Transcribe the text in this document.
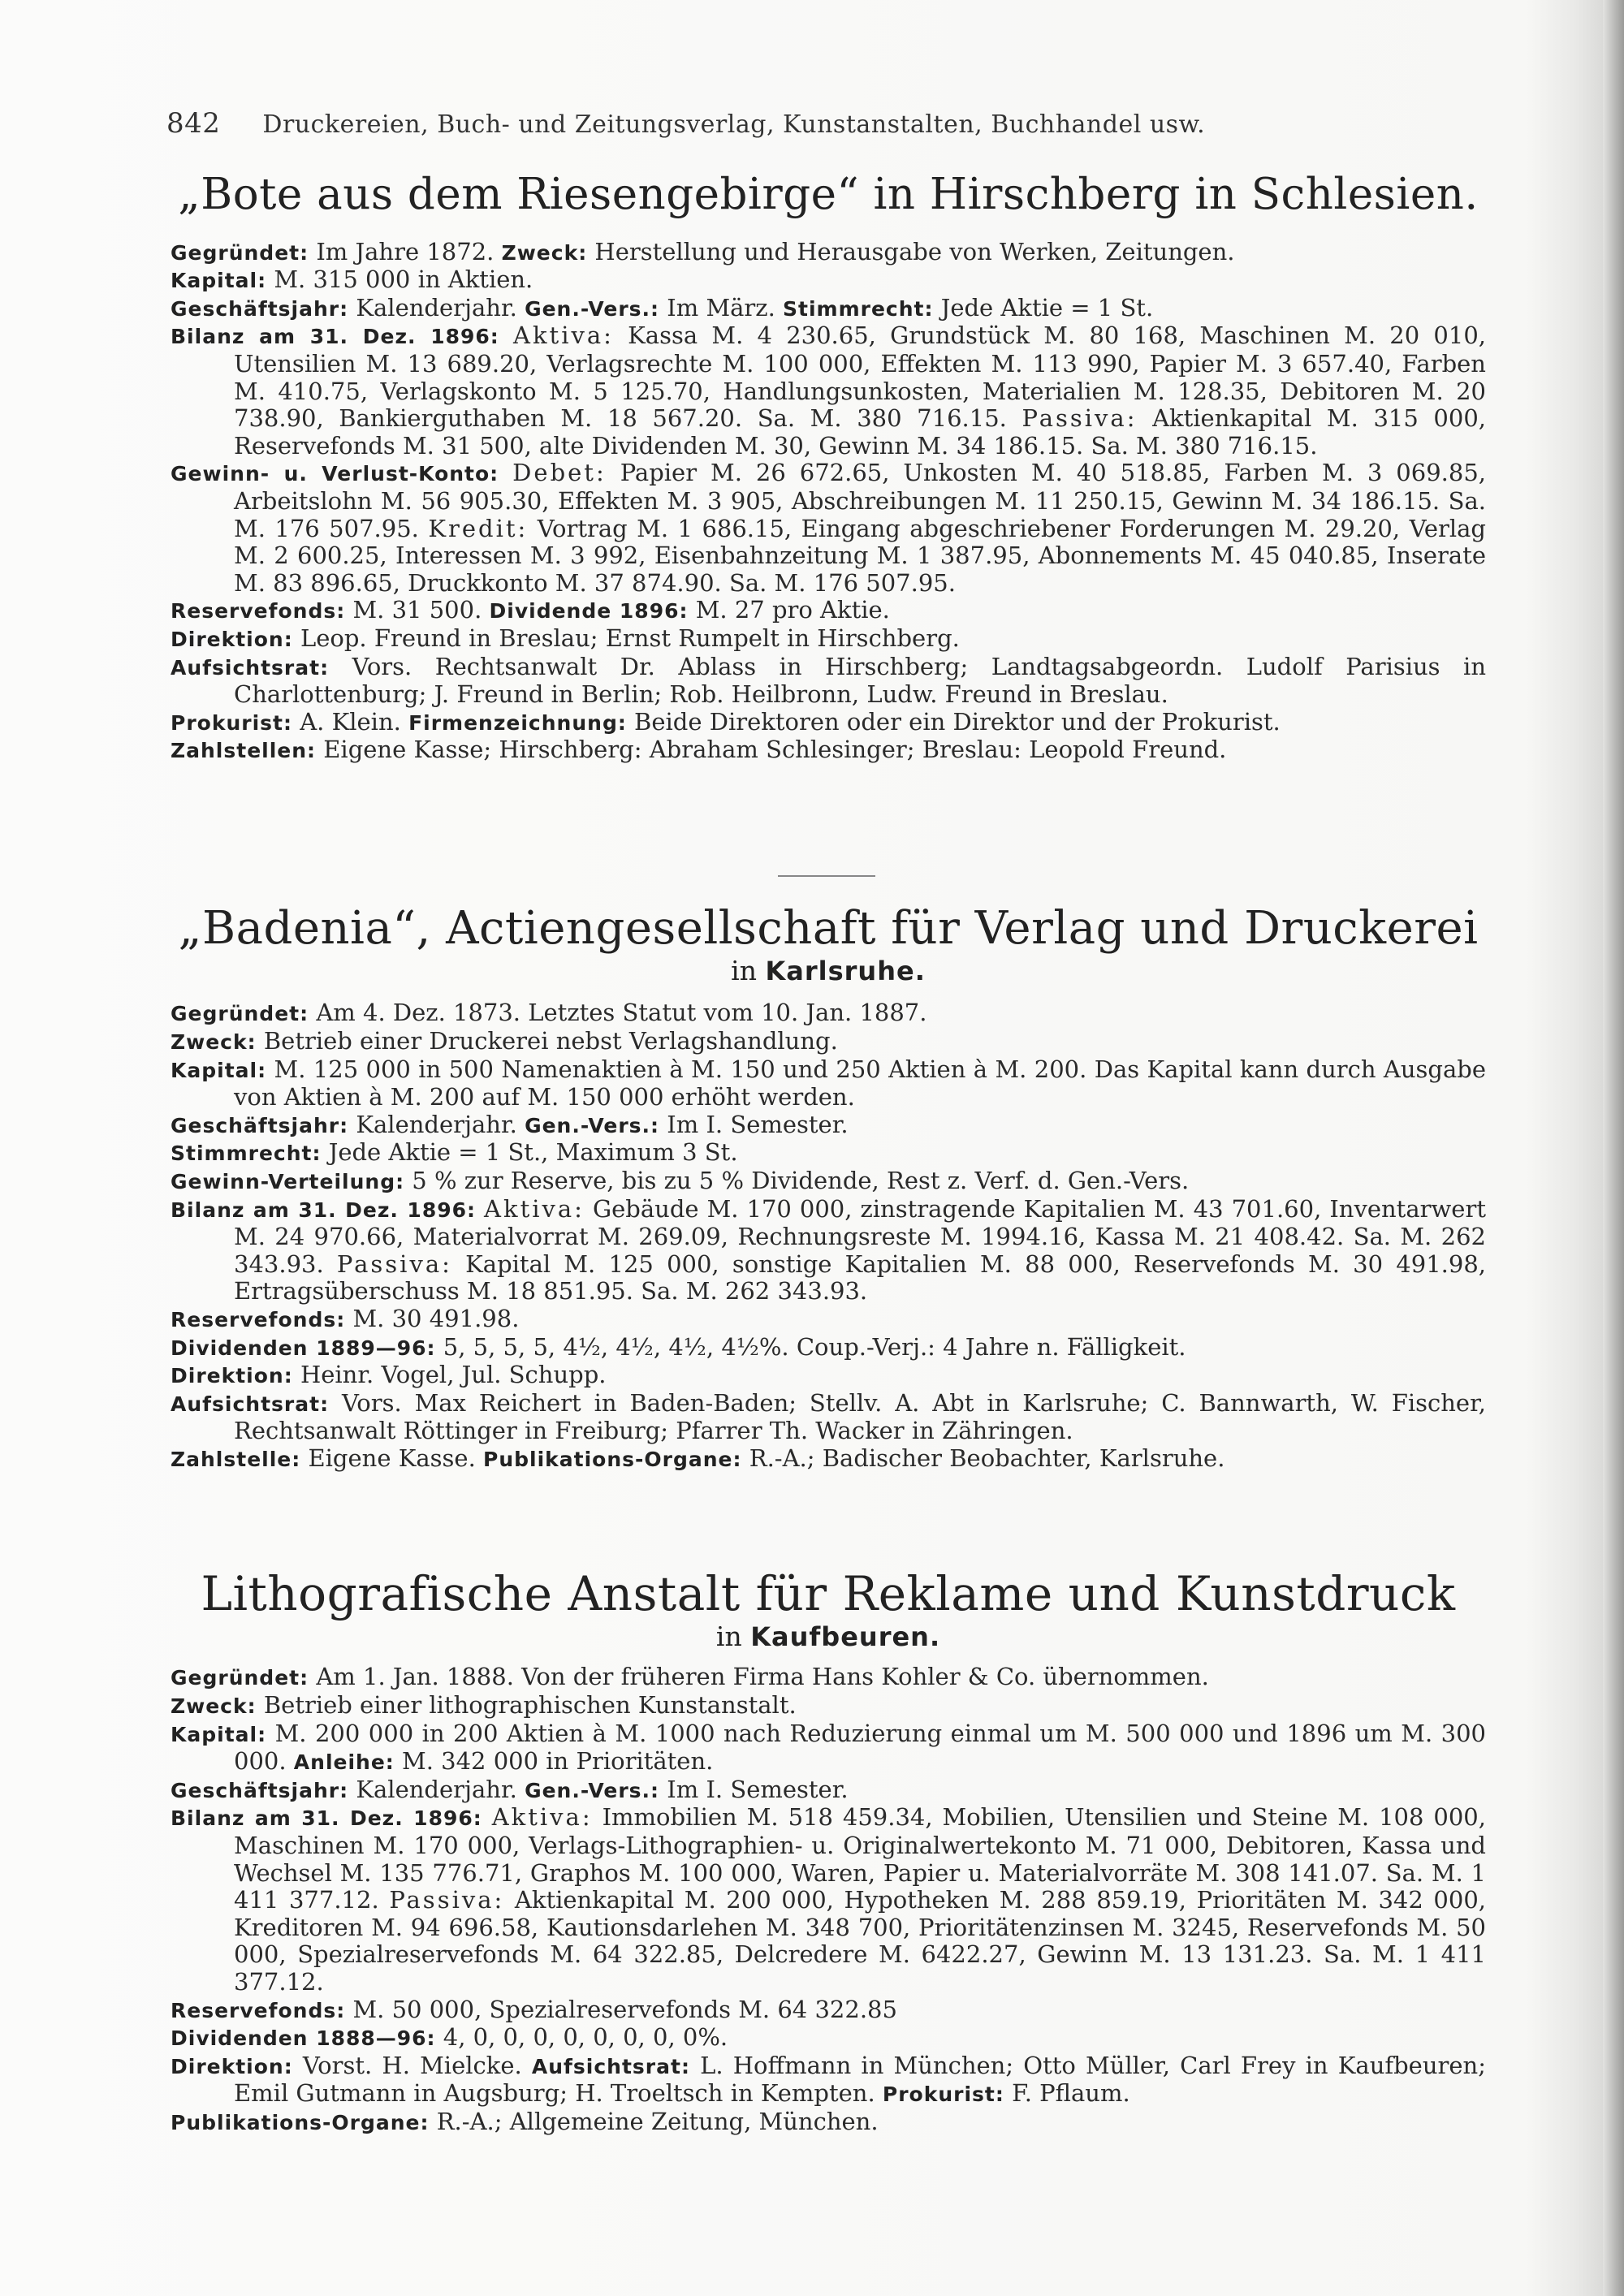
842 Druckereien, Buch- und Zeitungsverlag, Kunstanstalten, Buchhandel usw.
„Bote aus dem Riesengebirge“ in Hirschberg in Schlesien.
Gegründet: Im Jahre 1872. Zweck: Herstellung und Herausgabe von Werken, Zeitungen.
Kapital: M. 315 000 in Aktien.
Geschäftsjahr: Kalenderjahr. Gen.-Vers.: Im März. Stimmrecht: Jede Aktie = 1 St.
Bilanz am 31. Dez. 1896: Aktiva: Kassa M. 4 230.65, Grundstück M. 80 168, Maschinen M. 20 010, Utensilien M. 13 689.20, Verlagsrechte M. 100 000, Effekten M. 113 990, Papier M. 3 657.40, Farben M. 410.75, Verlagskonto M. 5 125.70, Handlungsunkosten, Materialien M. 128.35, Debitoren M. 20 738.90, Bankierguthaben M. 18 567.20. Sa. M. 380 716.15. Passiva: Aktienkapital M. 315 000, Reservefonds M. 31 500, alte Dividenden M. 30, Gewinn M. 34 186.15. Sa. M. 380 716.15.
Gewinn- u. Verlust-Konto: Debet: Papier M. 26 672.65, Unkosten M. 40 518.85, Farben M. 3 069.85, Arbeitslohn M. 56 905.30, Effekten M. 3 905, Abschreibungen M. 11 250.15, Gewinn M. 34 186.15. Sa. M. 176 507.95. Kredit: Vortrag M. 1 686.15, Eingang abgeschriebener Forderungen M. 29.20, Verlag M. 2 600.25, Interessen M. 3 992, Eisenbahnzeitung M. 1 387.95, Abonnements M. 45 040.85, Inserate M. 83 896.65, Druckkonto M. 37 874.90. Sa. M. 176 507.95.
Reservefonds: M. 31 500. Dividende 1896: M. 27 pro Aktie.
Direktion: Leop. Freund in Breslau; Ernst Rumpelt in Hirschberg.
Aufsichtsrat: Vors. Rechtsanwalt Dr. Ablass in Hirschberg; Landtagsabgeordn. Ludolf Parisius in Charlottenburg; J. Freund in Berlin; Rob. Heilbronn, Ludw. Freund in Breslau.
Prokurist: A. Klein. Firmenzeichnung: Beide Direktoren oder ein Direktor und der Prokurist.
Zahlstellen: Eigene Kasse; Hirschberg: Abraham Schlesinger; Breslau: Leopold Freund.
„Badenia“, Actiengesellschaft für Verlag und Druckerei
in Karlsruhe.
Gegründet: Am 4. Dez. 1873. Letztes Statut vom 10. Jan. 1887.
Zweck: Betrieb einer Druckerei nebst Verlagshandlung.
Kapital: M. 125 000 in 500 Namenaktien à M. 150 und 250 Aktien à M. 200. Das Kapital kann durch Ausgabe von Aktien à M. 200 auf M. 150 000 erhöht werden.
Geschäftsjahr: Kalenderjahr. Gen.-Vers.: Im I. Semester.
Stimmrecht: Jede Aktie = 1 St., Maximum 3 St.
Gewinn-Verteilung: 5 % zur Reserve, bis zu 5 % Dividende, Rest z. Verf. d. Gen.-Vers.
Bilanz am 31. Dez. 1896: Aktiva: Gebäude M. 170 000, zinstragende Kapitalien M. 43 701.60, Inventarwert M. 24 970.66, Materialvorrat M. 269.09, Rechnungsreste M. 1994.16, Kassa M. 21 408.42. Sa. M. 262 343.93. Passiva: Kapital M. 125 000, sonstige Kapitalien M. 88 000, Reservefonds M. 30 491.98, Ertragsüberschuss M. 18 851.95. Sa. M. 262 343.93.
Reservefonds: M. 30 491.98.
Dividenden 1889—96: 5, 5, 5, 5, 4½, 4½, 4½, 4½%. Coup.-Verj.: 4 Jahre n. Fälligkeit.
Direktion: Heinr. Vogel, Jul. Schupp.
Aufsichtsrat: Vors. Max Reichert in Baden-Baden; Stellv. A. Abt in Karlsruhe; C. Bannwarth, W. Fischer, Rechtsanwalt Röttinger in Freiburg; Pfarrer Th. Wacker in Zähringen.
Zahlstelle: Eigene Kasse. Publikations-Organe: R.-A.; Badischer Beobachter, Karlsruhe.
Lithografische Anstalt für Reklame und Kunstdruck
in Kaufbeuren.
Gegründet: Am 1. Jan. 1888. Von der früheren Firma Hans Kohler & Co. übernommen.
Zweck: Betrieb einer lithographischen Kunstanstalt.
Kapital: M. 200 000 in 200 Aktien à M. 1000 nach Reduzierung einmal um M. 500 000 und 1896 um M. 300 000. Anleihe: M. 342 000 in Prioritäten.
Geschäftsjahr: Kalenderjahr. Gen.-Vers.: Im I. Semester.
Bilanz am 31. Dez. 1896: Aktiva: Immobilien M. 518 459.34, Mobilien, Utensilien und Steine M. 108 000, Maschinen M. 170 000, Verlags-Lithographien- u. Originalwertekonto M. 71 000, Debitoren, Kassa und Wechsel M. 135 776.71, Graphos M. 100 000, Waren, Papier u. Materialvorräte M. 308 141.07. Sa. M. 1 411 377.12. Passiva: Aktienkapital M. 200 000, Hypotheken M. 288 859.19, Prioritäten M. 342 000, Kreditoren M. 94 696.58, Kautionsdarlehen M. 348 700, Prioritätenzinsen M. 3245, Reservefonds M. 50 000, Spezialreservefonds M. 64 322.85, Delcredere M. 6422.27, Gewinn M. 13 131.23. Sa. M. 1 411 377.12.
Reservefonds: M. 50 000, Spezialreservefonds M. 64 322.85
Dividenden 1888—96: 4, 0, 0, 0, 0, 0, 0, 0, 0%.
Direktion: Vorst. H. Mielcke. Aufsichtsrat: L. Hoffmann in München; Otto Müller, Carl Frey in Kaufbeuren; Emil Gutmann in Augsburg; H. Troeltsch in Kempten. Prokurist: F. Pflaum.
Publikations-Organe: R.-A.; Allgemeine Zeitung, München.
